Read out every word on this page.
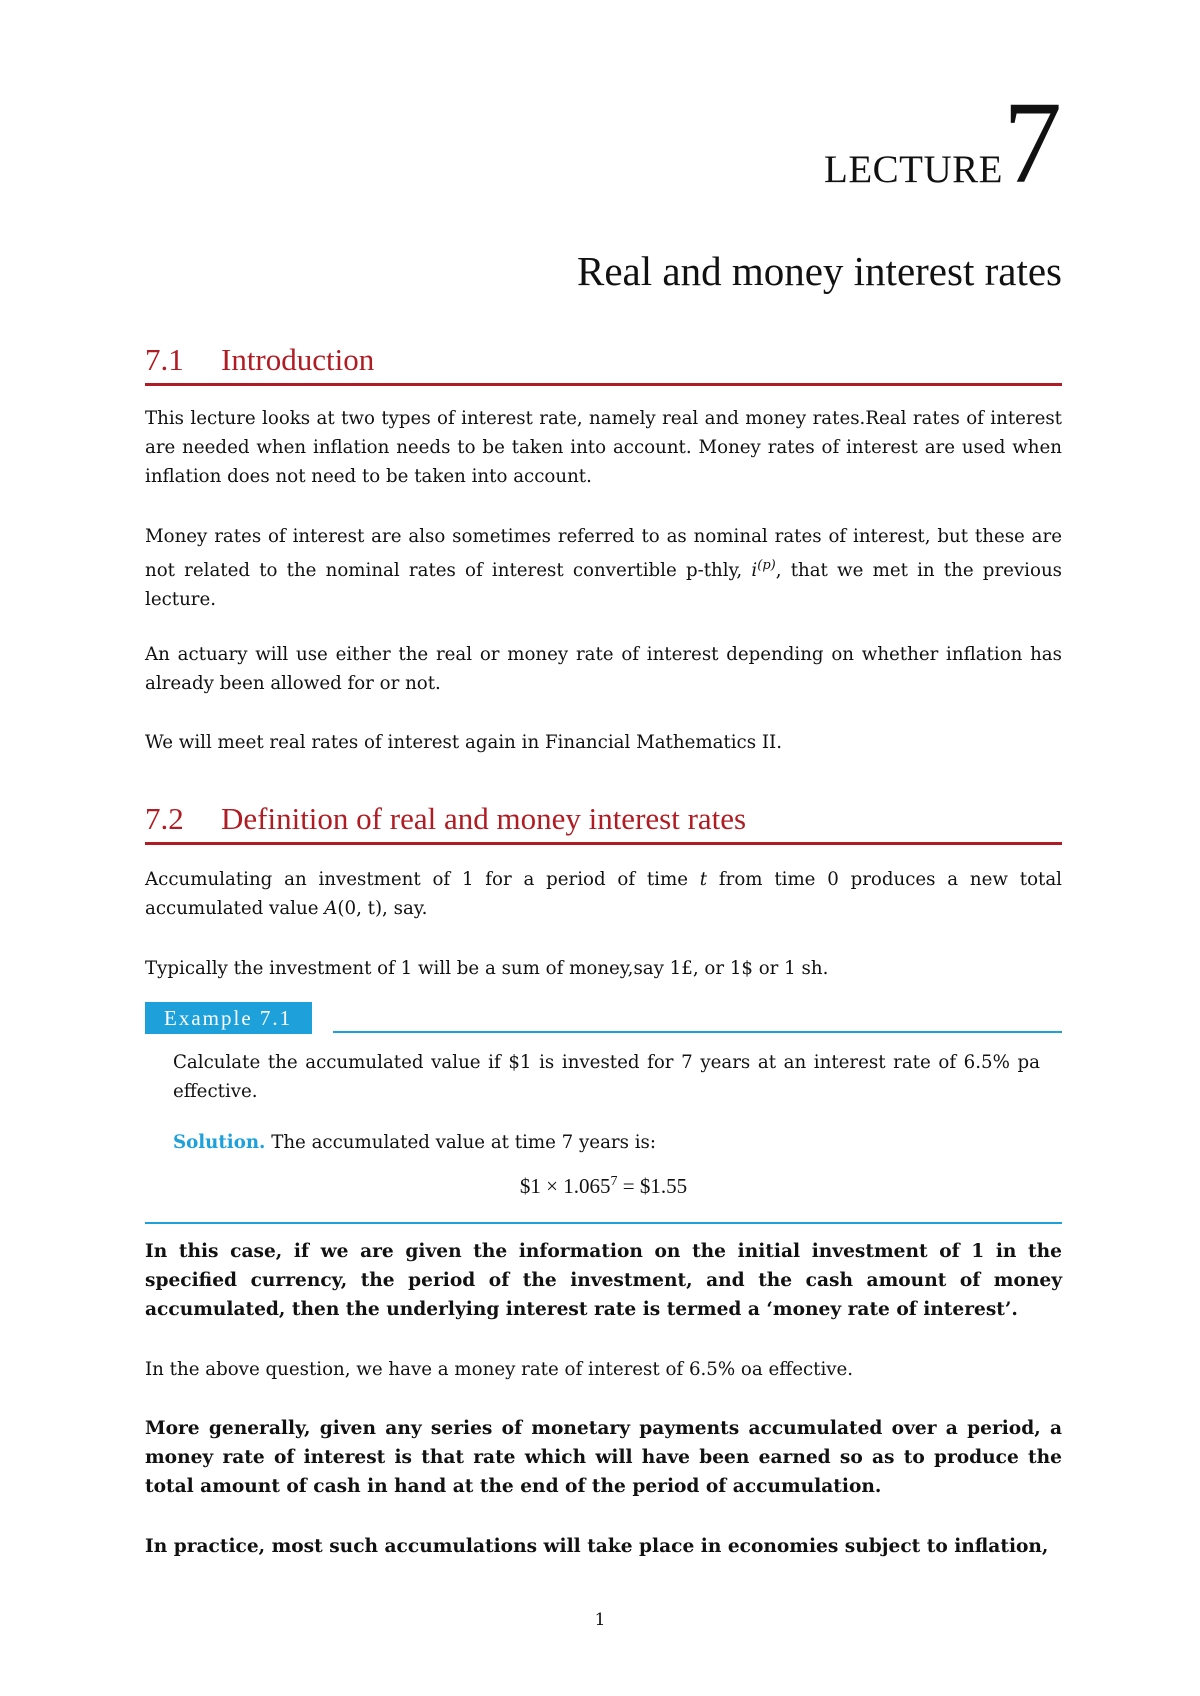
LECTURE7
Real and money interest rates
7.1 Introduction
This lecture looks at two types of interest rate, namely real and money rates.Real rates of interest are needed when inflation needs to be taken into account. Money rates of interest are used when inflation does not need to be taken into account.
Money rates of interest are also sometimes referred to as nominal rates of interest, but these are not related to the nominal rates of interest convertible p-thly, $i^{(p)}$, that we met in the previous lecture.
An actuary will use either the real or money rate of interest depending on whether inflation has already been allowed for or not.
We will meet real rates of interest again in Financial Mathematics II.
7.2 Definition of real and money interest rates
Accumulating an investment of 1 for a period of time t from time 0 produces a new total accumulated value A(0, t), say.
Typically the investment of 1 will be a sum of money,say 1£, or 1$ or 1 sh.
Example 7.1
Calculate the accumulated value if $1 is invested for 7 years at an interest rate of 6.5% pa effective.
Solution. The accumulated value at time 7 years is:
$1 × $1.065^7$ = $1.55
In this case, if we are given the information on the initial investment of 1 in the specified currency, the period of the investment, and the cash amount of money accumulated, then the underlying interest rate is termed a ‘money rate of interest’.
In the above question, we have a money rate of interest of 6.5% oa effective.
More generally, given any series of monetary payments accumulated over a period, a money rate of interest is that rate which will have been earned so as to produce the total amount of cash in hand at the end of the period of accumulation.
In practice, most such accumulations will take place in economies subject to inflation,
1
